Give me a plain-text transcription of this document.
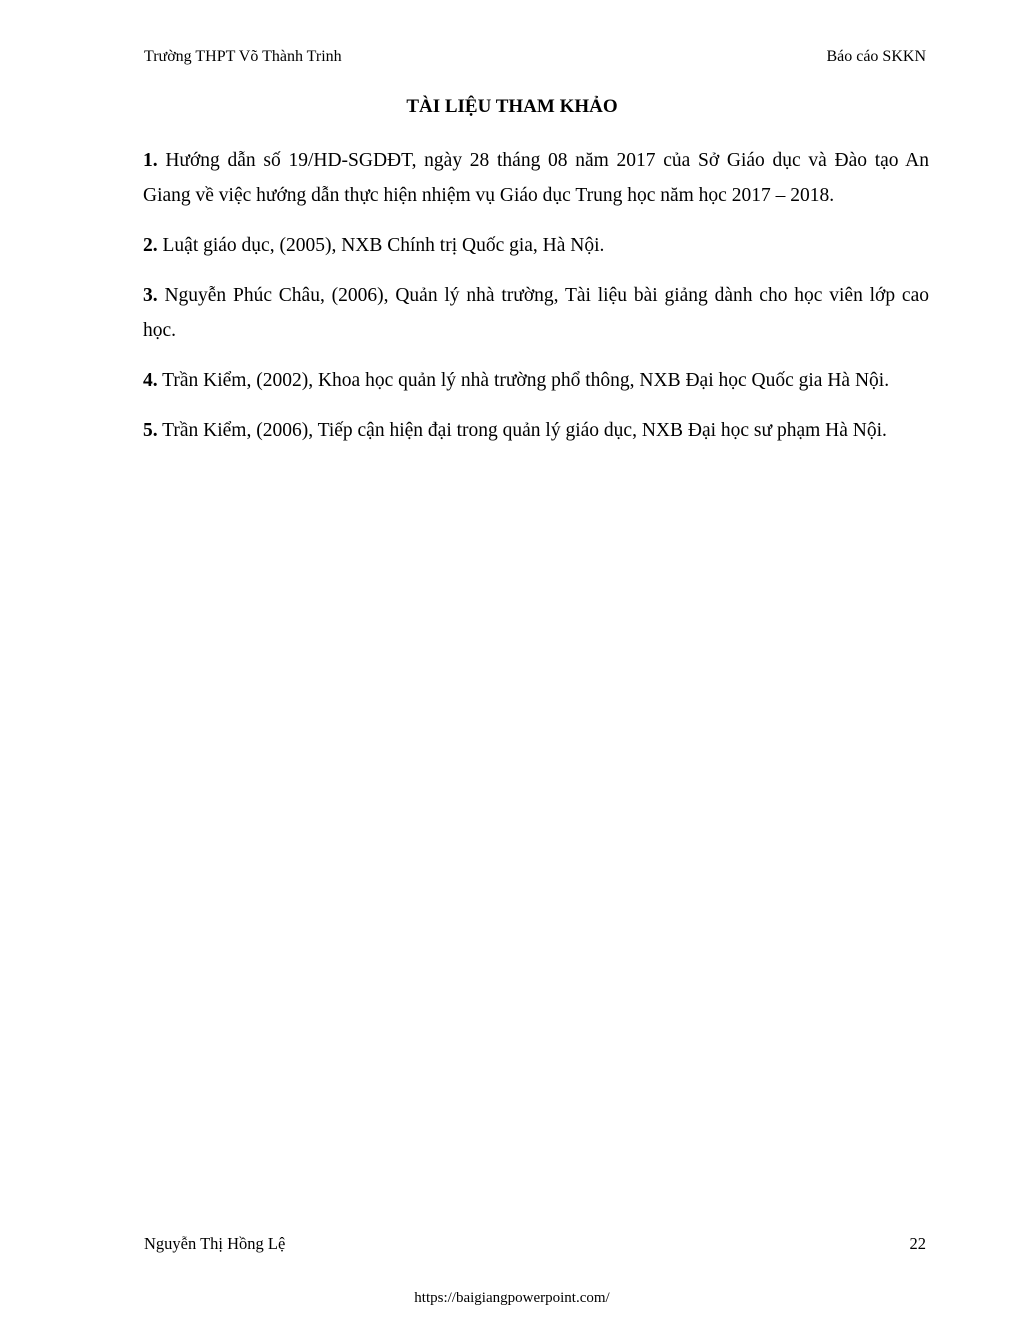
Trường THPT Võ Thành Trinh	Báo cáo SKKN
TÀI LIỆU THAM KHẢO

1. Hướng dẫn số 19/HD-SGDĐT, ngày 28 tháng 08 năm 2017 của Sở Giáo dục và Đào tạo An Giang về việc hướng dẫn thực hiện nhiệm vụ Giáo dục Trung học năm học 2017 – 2018.

2. Luật giáo dục, (2005), NXB Chính trị Quốc gia, Hà Nội.

3. Nguyễn Phúc Châu, (2006), Quản lý nhà trường, Tài liệu bài giảng dành cho học viên lớp cao học.

4. Trần Kiểm, (2002), Khoa học quản lý nhà trường phổ thông, NXB Đại học Quốc gia Hà Nội.

5. Trần Kiểm, (2006), Tiếp cận hiện đại trong quản lý giáo dục, NXB Đại học sư phạm Hà Nội.

Nguyễn Thị Hồng Lệ	22
https://baigiangpowerpoint.com/
